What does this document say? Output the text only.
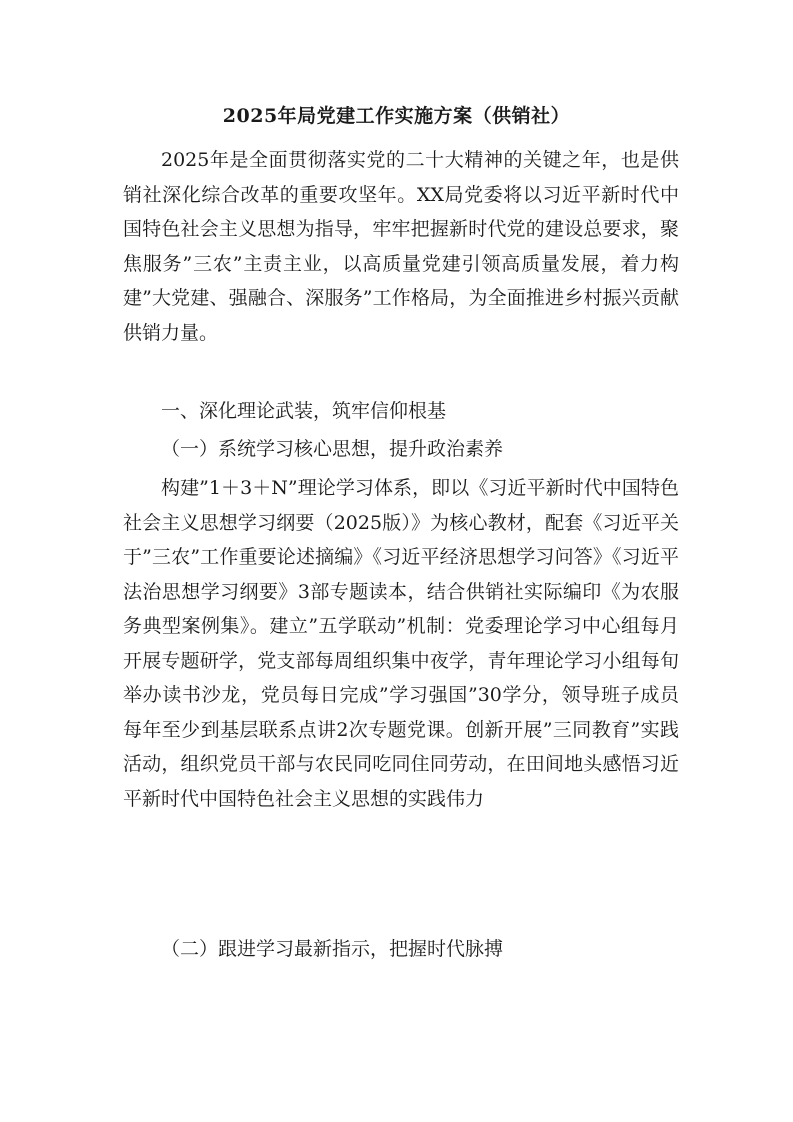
2025年局党建工作实施方案（供销社）
2025年是全面贯彻落实党的二十大精神的关键之年，也是供销社深化综合改革的重要攻坚年。XX局党委将以习近平新时代中国特色社会主义思想为指导，牢牢把握新时代党的建设总要求，聚焦服务”三农”主责主业，以高质量党建引领高质量发展，着力构建”大党建、强融合、深服务”工作格局，为全面推进乡村振兴贡献供销力量。
一、深化理论武装，筑牢信仰根基
（一）系统学习核心思想，提升政治素养
构建”1＋3＋N”理论学习体系，即以《习近平新时代中国特色社会主义思想学习纲要（2025版）》为核心教材，配套《习近平关于”三农”工作重要论述摘编》《习近平经济思想学习问答》《习近平法治思想学习纲要》3部专题读本，结合供销社实际编印《为农服务典型案例集》。建立”五学联动”机制：党委理论学习中心组每月开展专题研学，党支部每周组织集中夜学，青年理论学习小组每旬举办读书沙龙，党员每日完成”学习强国”30学分，领导班子成员每年至少到基层联系点讲2次专题党课。创新开展”三同教育”实践活动，组织党员干部与农民同吃同住同劳动，在田间地头感悟习近平新时代中国特色社会主义思想的实践伟力
（二）跟进学习最新指示，把握时代脉搏
